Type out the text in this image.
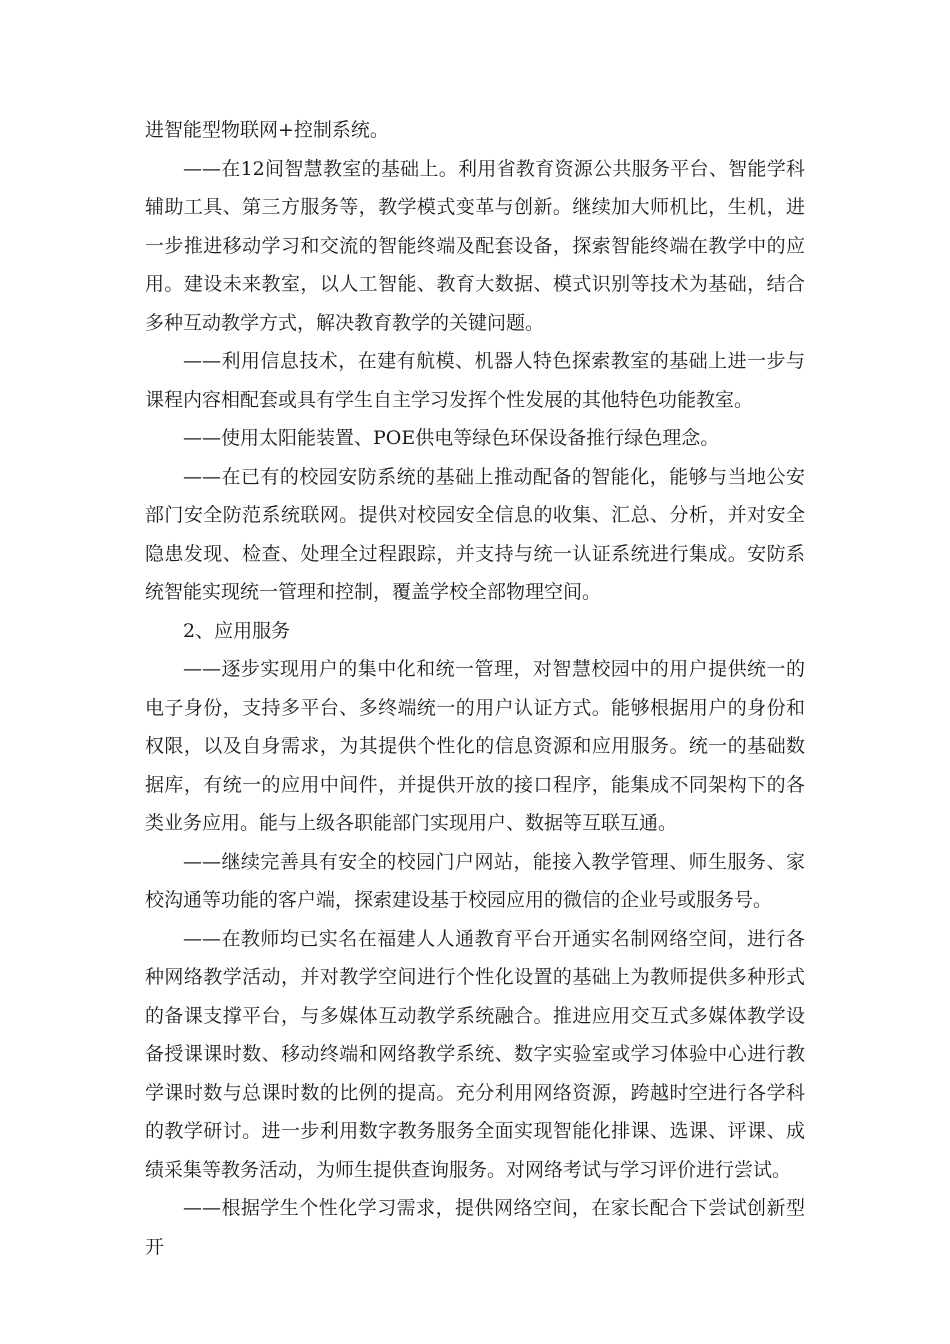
进智能型物联网+控制系统。

——在12间智慧教室的基础上。利用省教育资源公共服务平台、智能学科辅助工具、第三方服务等，教学模式变革与创新。继续加大师机比，生机，进一步推进移动学习和交流的智能终端及配套设备，探索智能终端在教学中的应用。建设未来教室，以人工智能、教育大数据、模式识别等技术为基础，结合多种互动教学方式，解决教育教学的关键问题。

——利用信息技术，在建有航模、机器人特色探索教室的基础上进一步与课程内容相配套或具有学生自主学习发挥个性发展的其他特色功能教室。

——使用太阳能装置、POE供电等绿色环保设备推行绿色理念。

——在已有的校园安防系统的基础上推动配备的智能化，能够与当地公安部门安全防范系统联网。提供对校园安全信息的收集、汇总、分析，并对安全隐患发现、检查、处理全过程跟踪，并支持与统一认证系统进行集成。安防系统智能实现统一管理和控制，覆盖学校全部物理空间。

2、应用服务

——逐步实现用户的集中化和统一管理，对智慧校园中的用户提供统一的电子身份，支持多平台、多终端统一的用户认证方式。能够根据用户的身份和权限，以及自身需求，为其提供个性化的信息资源和应用服务。统一的基础数据库，有统一的应用中间件，并提供开放的接口程序，能集成不同架构下的各类业务应用。能与上级各职能部门实现用户、数据等互联互通。

——继续完善具有安全的校园门户网站，能接入教学管理、师生服务、家校沟通等功能的客户端，探索建设基于校园应用的微信的企业号或服务号。

——在教师均已实名在福建人人通教育平台开通实名制网络空间，进行各种网络教学活动，并对教学空间进行个性化设置的基础上为教师提供多种形式的备课支撑平台，与多媒体互动教学系统融合。推进应用交互式多媒体教学设备授课课时数、移动终端和网络教学系统、数字实验室或学习体验中心进行教学课时数与总课时数的比例的提高。充分利用网络资源，跨越时空进行各学科的教学研讨。进一步利用数字教务服务全面实现智能化排课、选课、评课、成绩采集等教务活动，为师生提供查询服务。对网络考试与学习评价进行尝试。

——根据学生个性化学习需求，提供网络空间，在家长配合下尝试创新型开
